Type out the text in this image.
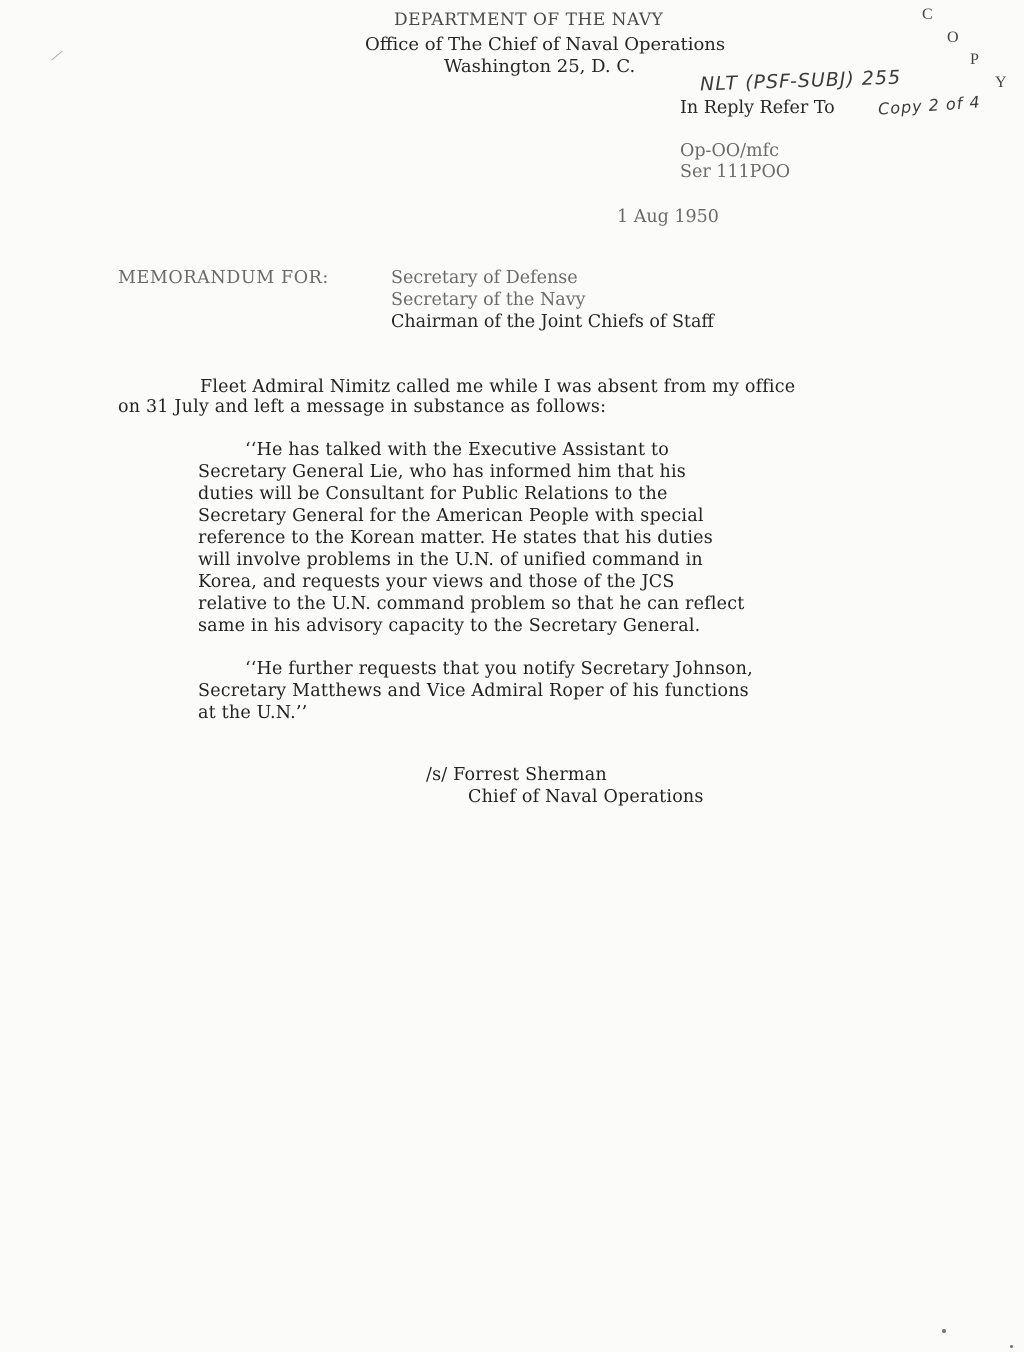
DEPARTMENT OF THE NAVY
Office of The Chief of Naval Operations
Washington 25, D. C.
C
O
P
Y
NLT (PSF-SUBJ) 255
Copy 2 of 4
In Reply Refer To
Op-OO/mfc
Ser 111POO
1 Aug 1950
MEMORANDUM FOR:	Secretary of Defense
Secretary of the Navy
Chairman of the Joint Chiefs of Staff
Fleet Admiral Nimitz called me while I was absent from my office
on 31 July and left a message in substance as follows:
‘‘He has talked with the Executive Assistant to
Secretary General Lie, who has informed him that his
duties will be Consultant for Public Relations to the
Secretary General for the American People with special
reference to the Korean matter. He states that his duties
will involve problems in the U.N. of unified command in
Korea, and requests your views and those of the JCS
relative to the U.N. command problem so that he can reflect
same in his advisory capacity to the Secretary General.
‘‘He further requests that you notify Secretary Johnson,
Secretary Matthews and Vice Admiral Roper of his functions
at the U.N.’’
/s/ Forrest Sherman
Chief of Naval Operations
